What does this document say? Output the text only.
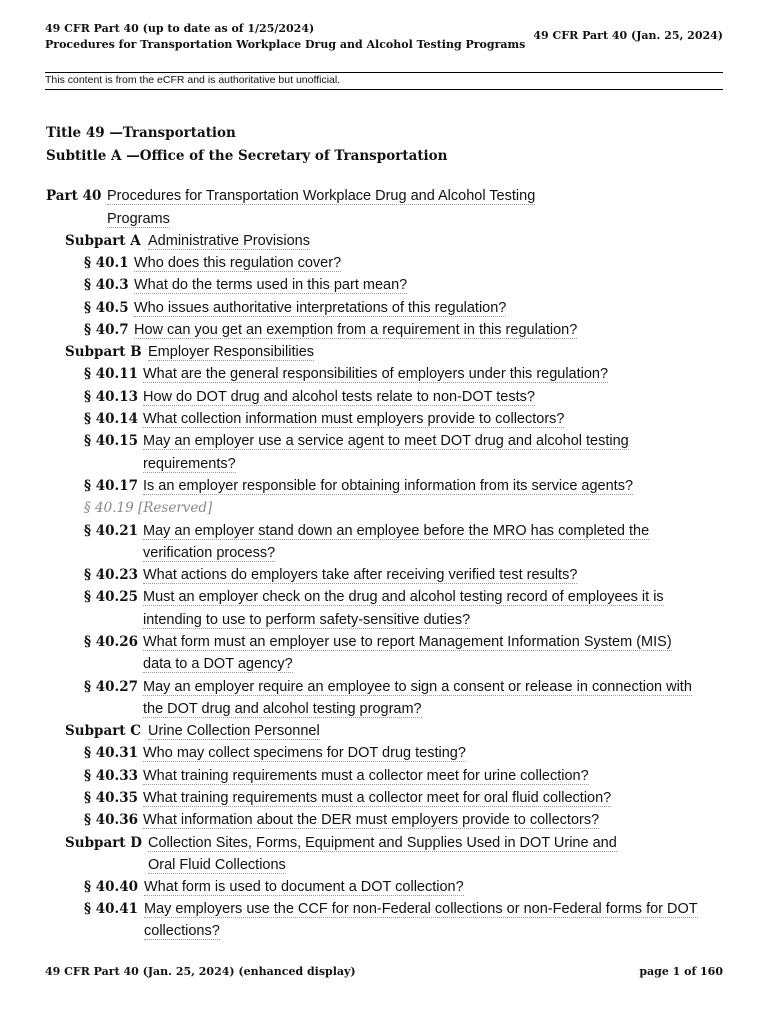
49 CFR Part 40 (up to date as of 1/25/2024)
Procedures for Transportation Workplace Drug and Alcohol Testing Programs
49 CFR Part 40 (Jan. 25, 2024)
This content is from the eCFR and is authoritative but unofficial.
Title 49 —Transportation
Subtitle A —Office of the Secretary of Transportation
Part 40 Procedures for Transportation Workplace Drug and Alcohol Testing
Programs
Subpart A Administrative Provisions
§ 40.1 Who does this regulation cover?
§ 40.3 What do the terms used in this part mean?
§ 40.5 Who issues authoritative interpretations of this regulation?
§ 40.7 How can you get an exemption from a requirement in this regulation?
Subpart B Employer Responsibilities
§ 40.11 What are the general responsibilities of employers under this regulation?
§ 40.13 How do DOT drug and alcohol tests relate to non-DOT tests?
§ 40.14 What collection information must employers provide to collectors?
§ 40.15 May an employer use a service agent to meet DOT drug and alcohol testing
requirements?
§ 40.17 Is an employer responsible for obtaining information from its service agents?
§ 40.19 [Reserved]
§ 40.21 May an employer stand down an employee before the MRO has completed the
verification process?
§ 40.23 What actions do employers take after receiving verified test results?
§ 40.25 Must an employer check on the drug and alcohol testing record of employees it is
intending to use to perform safety-sensitive duties?
§ 40.26 What form must an employer use to report Management Information System (MIS)
data to a DOT agency?
§ 40.27 May an employer require an employee to sign a consent or release in connection with
the DOT drug and alcohol testing program?
Subpart C Urine Collection Personnel
§ 40.31 Who may collect specimens for DOT drug testing?
§ 40.33 What training requirements must a collector meet for urine collection?
§ 40.35 What training requirements must a collector meet for oral fluid collection?
§ 40.36 What information about the DER must employers provide to collectors?
Subpart D Collection Sites, Forms, Equipment and Supplies Used in DOT Urine and
Oral Fluid Collections
§ 40.40 What form is used to document a DOT collection?
§ 40.41 May employers use the CCF for non-Federal collections or non-Federal forms for DOT
collections?
49 CFR Part 40 (Jan. 25, 2024) (enhanced display)	page 1 of 160
